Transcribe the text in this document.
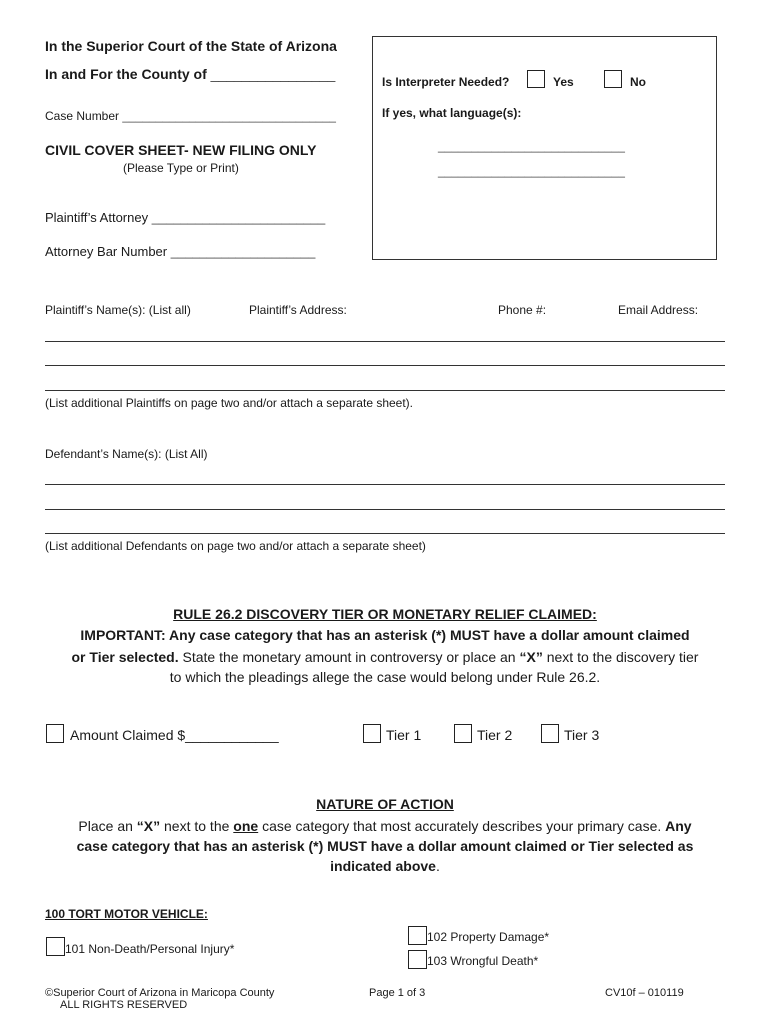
In the Superior Court of the State of Arizona
In and For the County of ________________
Case Number ________________________________
CIVIL COVER SHEET- NEW FILING ONLY
(Please Type or Print)
Plaintiff’s Attorney ________________________
Attorney Bar Number ____________________
Is Interpreter Needed?	Yes	No
If yes, what language(s):
____________________________
____________________________
Plaintiff’s Name(s): (List all)	Plaintiff’s Address:	Phone #:	Email Address:
(List additional Plaintiffs on page two and/or attach a separate sheet).
Defendant’s Name(s): (List All)
(List additional Defendants on page two and/or attach a separate sheet)
RULE 26.2 DISCOVERY TIER OR MONETARY RELIEF CLAIMED:
IMPORTANT: Any case category that has an asterisk (*) MUST have a dollar amount claimed
or Tier selected. State the monetary amount in controversy or place an “X” next to the discovery tier
to which the pleadings allege the case would belong under Rule 26.2.
Amount Claimed $____________	Tier 1	Tier 2	Tier 3
NATURE OF ACTION
Place an “X” next to the one case category that most accurately describes your primary case. Any
case category that has an asterisk (*) MUST have a dollar amount claimed or Tier selected as
indicated above.
100 TORT MOTOR VEHICLE:
101 Non-Death/Personal Injury*
102 Property Damage*
103 Wrongful Death*
©Superior Court of Arizona in Maricopa County
ALL RIGHTS RESERVED
Page 1 of 3	CV10f – 010119
